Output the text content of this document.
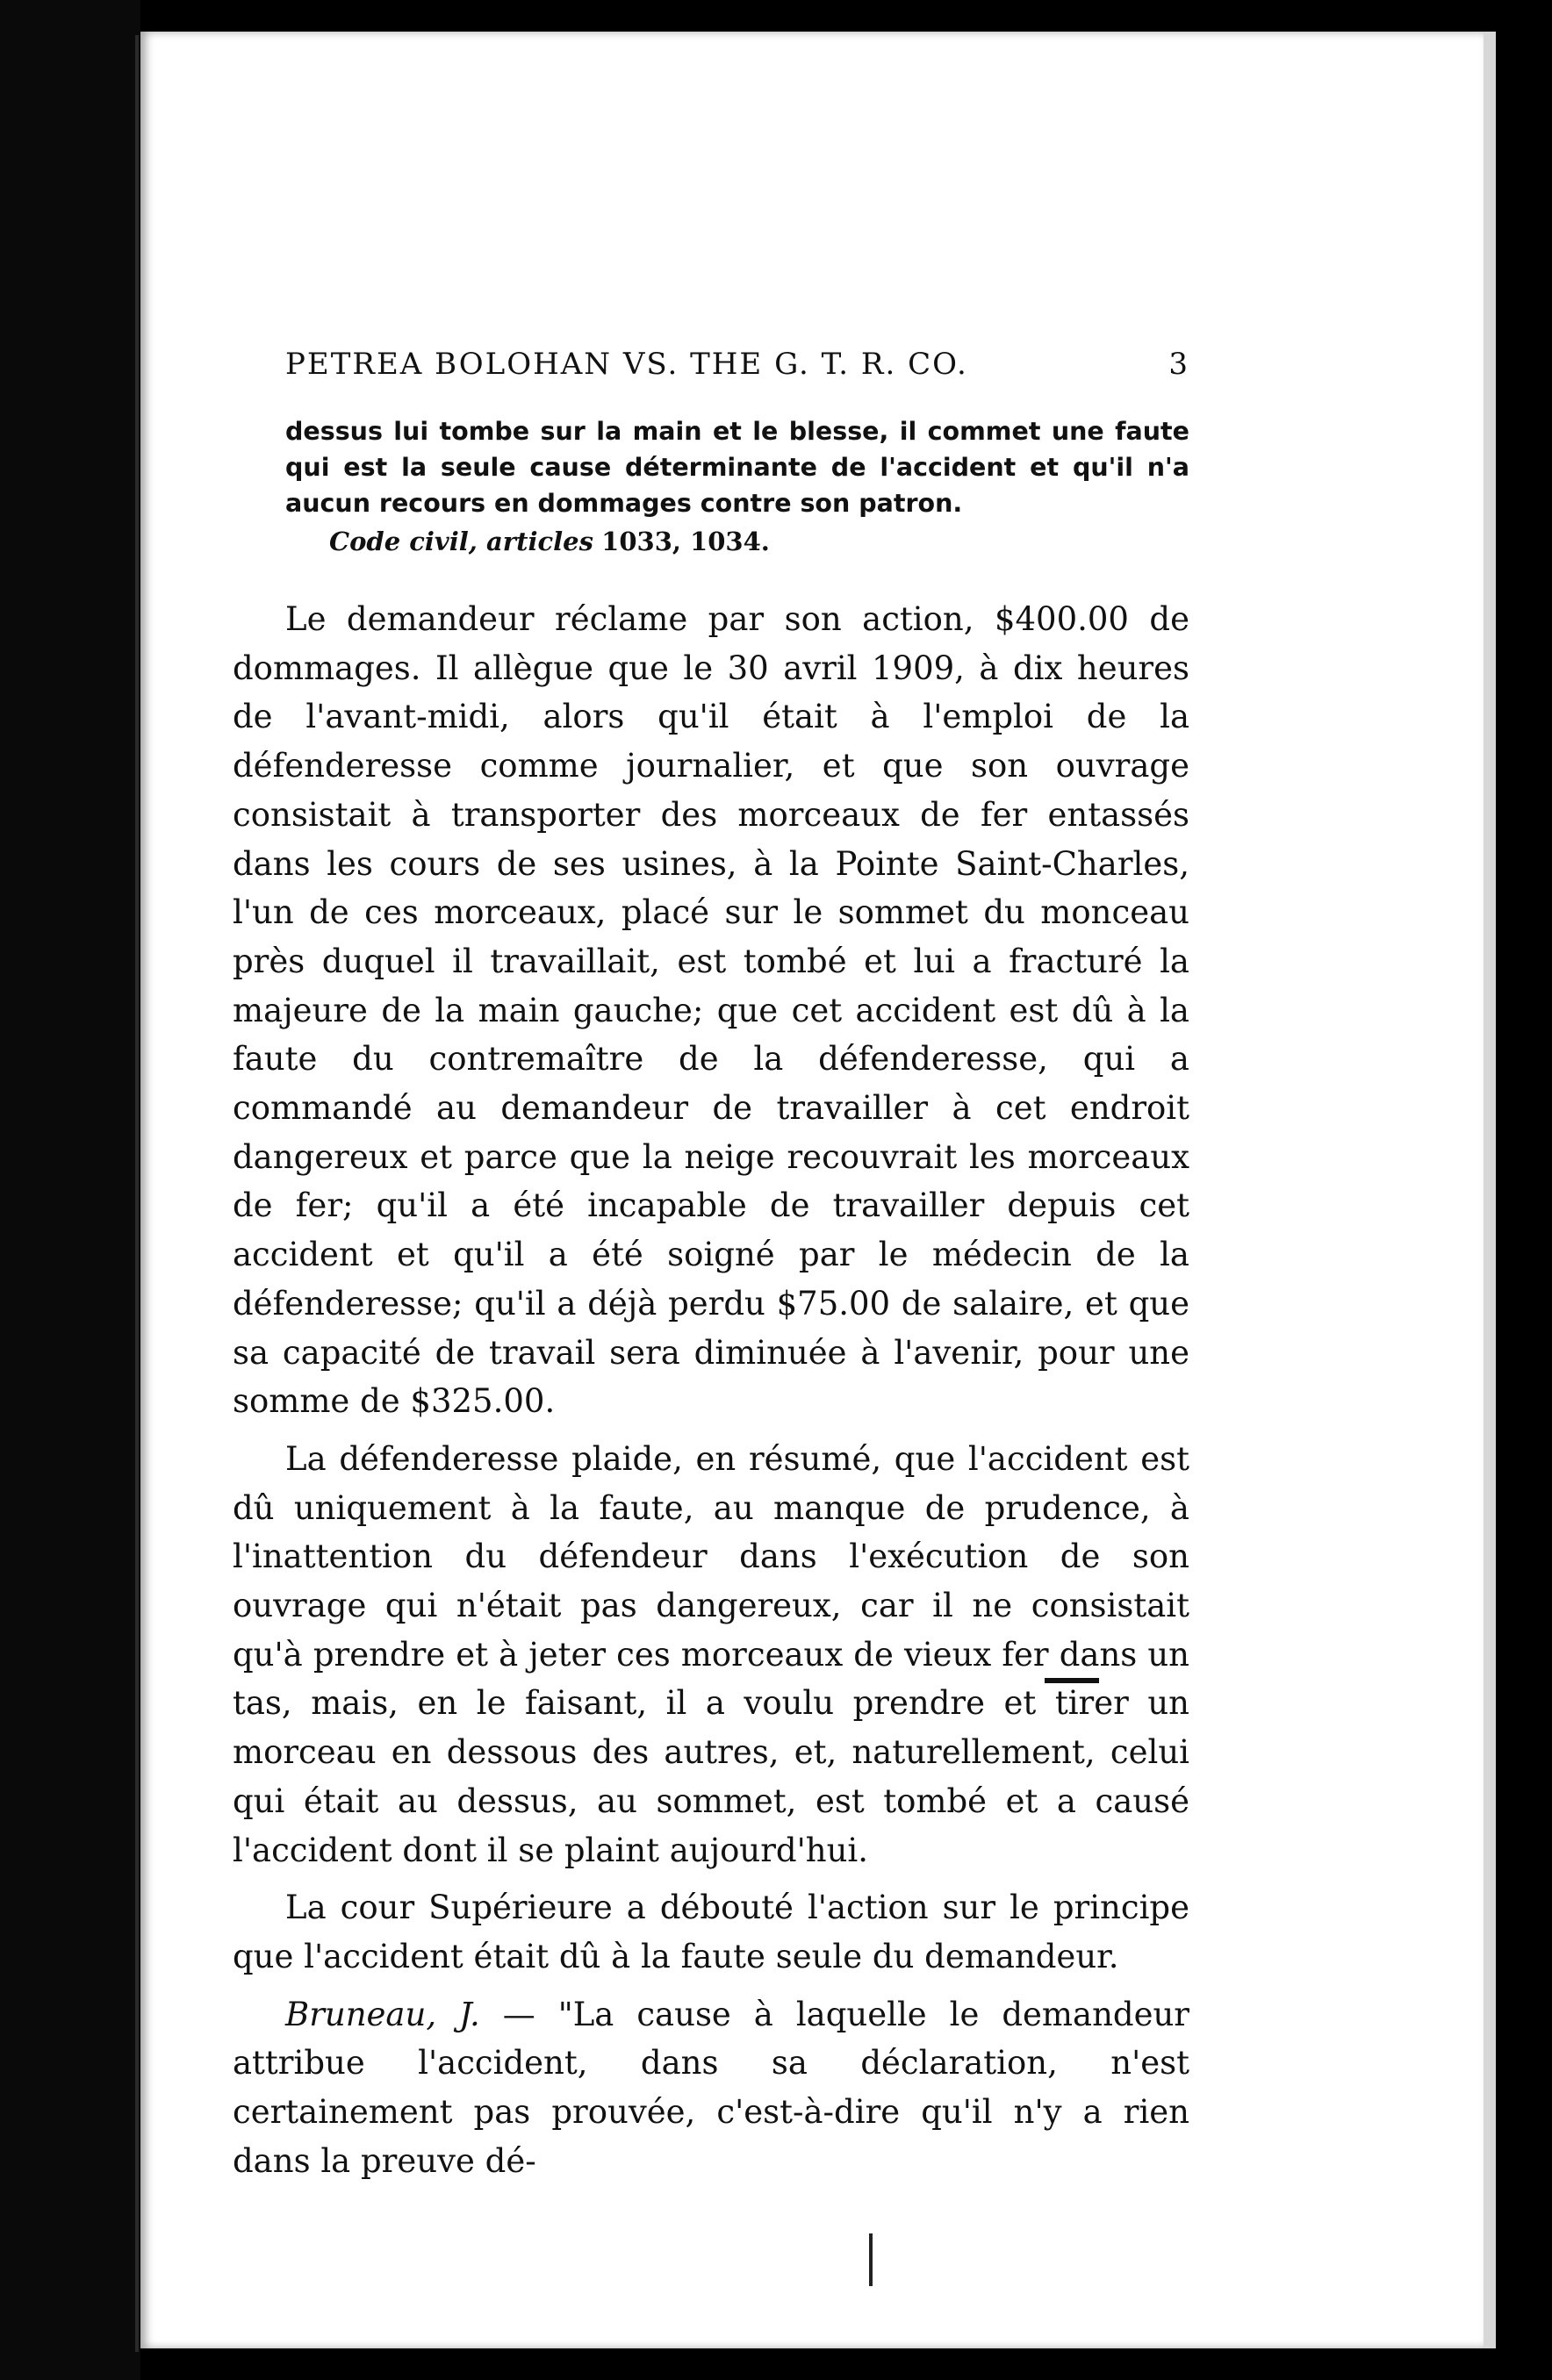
PETREA BOLOHAN VS. THE G. T. R. CO.	3

dessus lui tombe sur la main et le blesse, il commet une faute qui est la seule cause déterminante de l'accident et qu'il n'a aucun recours en dommages contre son patron.

Code civil, articles 1033, 1034.

Le demandeur réclame par son action, $400.00 de dommages. Il allègue que le 30 avril 1909, à dix heures de l'avant-midi, alors qu'il était à l'emploi de la défenderesse comme journalier, et que son ouvrage consistait à transporter des morceaux de fer entassés dans les cours de ses usines, à la Pointe Saint-Charles, l'un de ces morceaux, placé sur le sommet du monceau près duquel il travaillait, est tombé et lui a fracturé la majeure de la main gauche; que cet accident est dû à la faute du contremaître de la défenderesse, qui a commandé au demandeur de travailler à cet endroit dangereux et parce que la neige recouvrait les morceaux de fer; qu'il a été incapable de travailler depuis cet accident et qu'il a été soigné par le médecin de la défenderesse; qu'il a déjà perdu $75.00 de salaire, et que sa capacité de travail sera diminuée à l'avenir, pour une somme de $325.00.

La défenderesse plaide, en résumé, que l'accident est dû uniquement à la faute, au manque de prudence, à l'inattention du défendeur dans l'exécution de son ouvrage qui n'était pas dangereux, car il ne consistait qu'à prendre et à jeter ces morceaux de vieux fer dans un tas, mais, en le faisant, il a voulu prendre et tirer un morceau en dessous des autres, et, naturellement, celui qui était au dessus, au sommet, est tombé et a causé l'accident dont il se plaint aujourd'hui.

La cour Supérieure a débouté l'action sur le principe que l'accident était dû à la faute seule du demandeur.

Bruneau, J. — "La cause à laquelle le demandeur attribue l'accident, dans sa déclaration, n'est certainement pas prouvée, c'est-à-dire qu'il n'y a rien dans la preuve dé-
